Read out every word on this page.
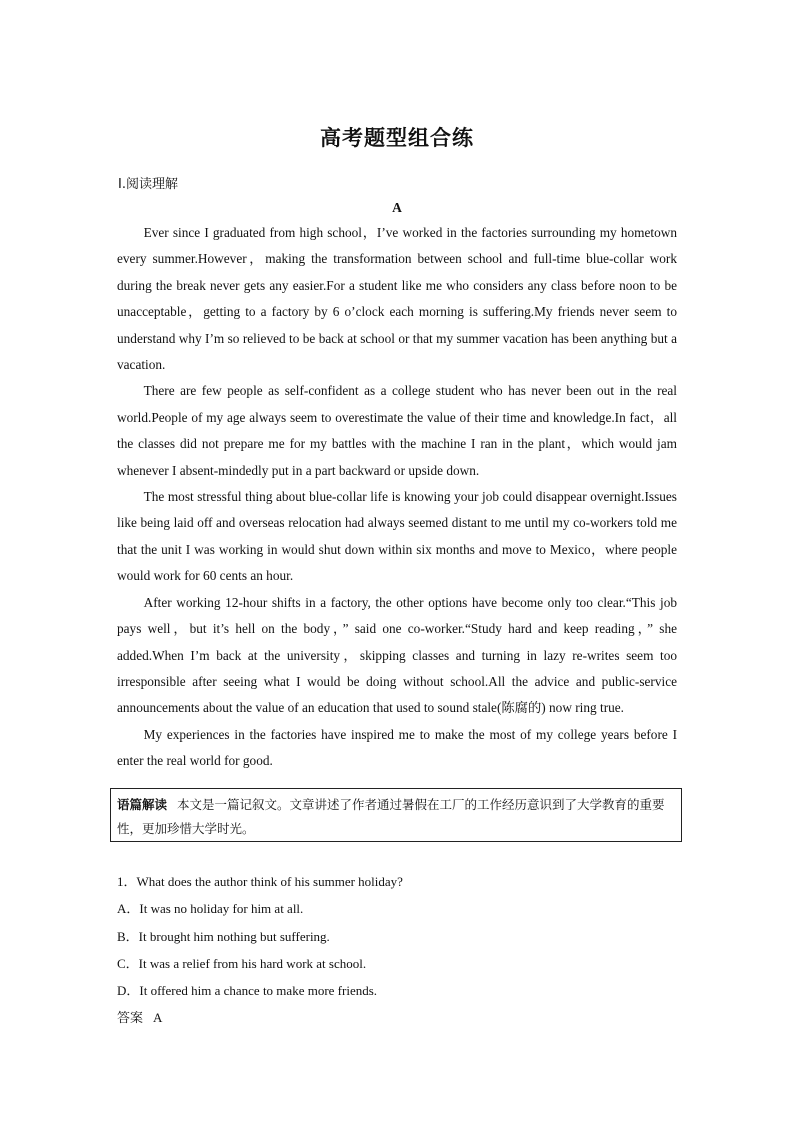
高考题型组合练
Ⅰ.阅读理解
A

Ever since I graduated from high school，I’ve worked in the factories surrounding my hometown every summer.However，making the transformation between school and full-time blue-collar work during the break never gets any easier.For a student like me who considers any class before noon to be unacceptable，getting to a factory by 6 o’clock each morning is suffering.My friends never seem to understand why I’m so relieved to be back at school or that my summer vacation has been anything but a vacation.

There are few people as self-confident as a college student who has never been out in the real world.People of my age always seem to overestimate the value of their time and knowledge.In fact，all the classes did not prepare me for my battles with the machine I ran in the plant，which would jam whenever I absent-mindedly put in a part backward or upside down.

The most stressful thing about blue-collar life is knowing your job could disappear overnight.Issues like being laid off and overseas relocation had always seemed distant to me until my co-workers told me that the unit I was working in would shut down within six months and move to Mexico，where people would work for 60 cents an hour.

After working 12-hour shifts in a factory, the other options have become only too clear.“This job pays well，but it’s hell on the body，” said one co-worker.“Study hard and keep reading，” she added.When I’m back at the university，skipping classes and turning in lazy re-writes seem too irresponsible after seeing what I would be doing without school.All the advice and public-service announcements about the value of an education that used to sound stale(陈腐的) now ring true.

My experiences in the factories have inspired me to make the most of my college years before I enter the real world for good.

语篇解读 本文是一篇记叙文。文章讲述了作者通过暑假在工厂的工作经历意识到了大学教育的重要性，更加珍惜大学时光。
1．What does the author think of his summer holiday?
A．It was no holiday for him at all.
B．It brought him nothing but suffering.
C．It was a relief from his hard work at school.
D．It offered him a chance to make more friends.
答案 A
